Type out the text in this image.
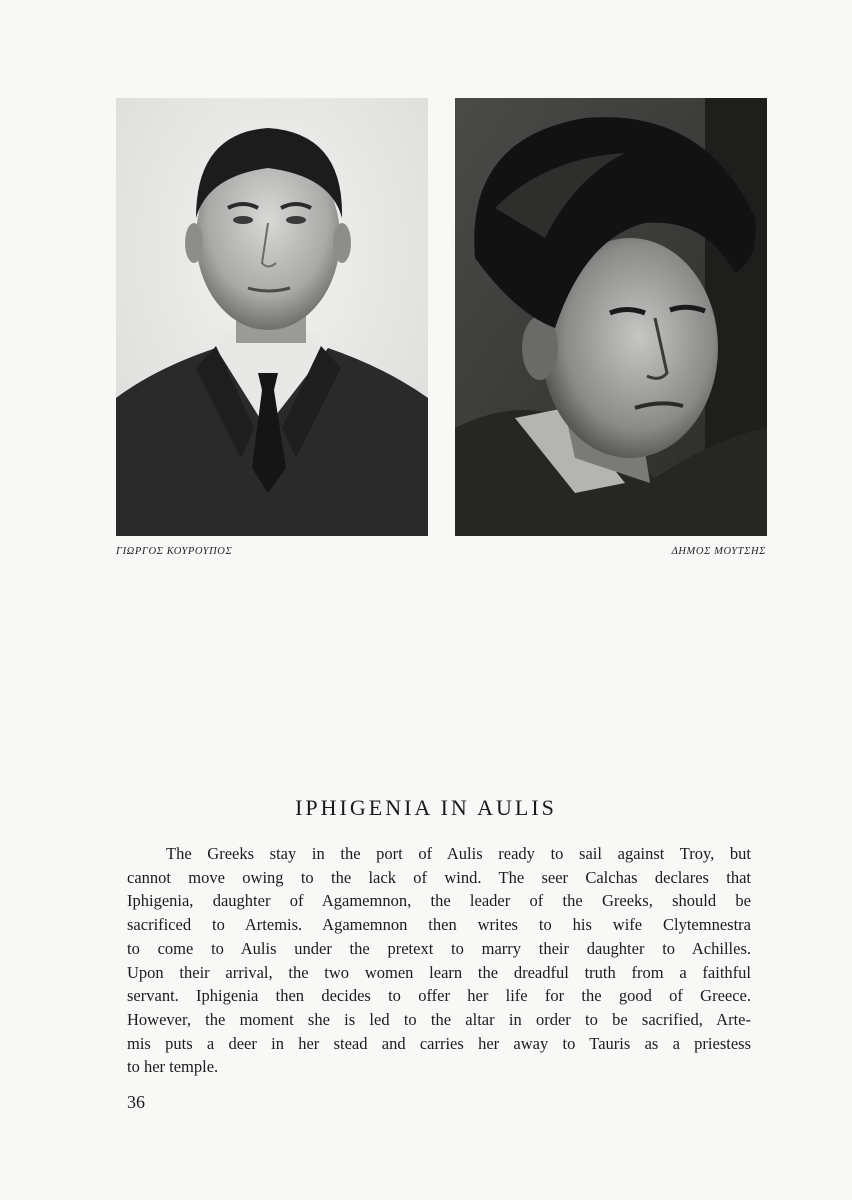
ΓΙΩΡΓΟΣ ΚΟΥΡΟΥΠΟΣ	ΔΗΜΟΣ ΜΟΥΤΣΗΣ
IPHIGENIA IN AULIS
The Greeks stay in the port of Aulis ready to sail against Troy, but
cannot move owing to the lack of wind. The seer Calchas declares that
Iphigenia, daughter of Agamemnon, the leader of the Greeks, should be
sacrificed to Artemis. Agamemnon then writes to his wife Clytemnestra
to come to Aulis under the pretext to marry their daughter to Achilles.
Upon their arrival, the two women learn the dreadful truth from a faithful
servant. Iphigenia then decides to offer her life for the good of Greece.
However, the moment she is led to the altar in order to be sacrified, Arte-
mis puts a deer in her stead and carries her away to Tauris as a priestess
to her temple.
36
